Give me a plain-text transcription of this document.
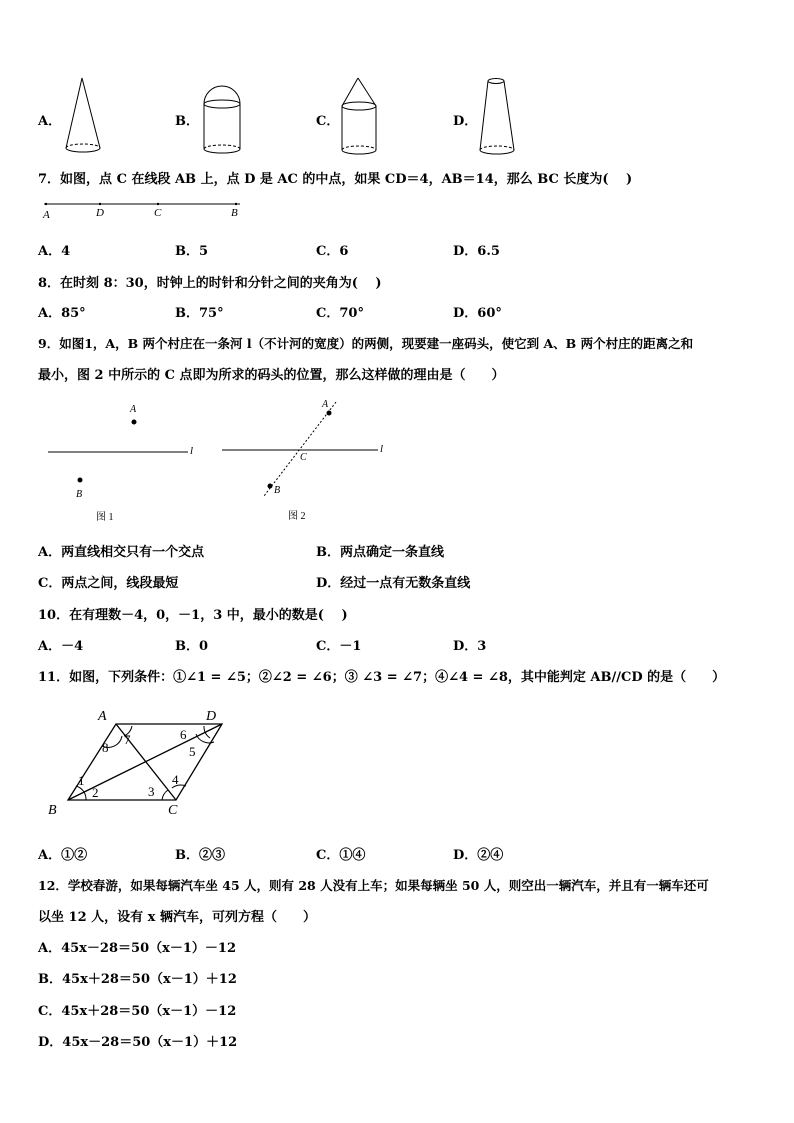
A．	B．	C．	D．
7．如图，点 C 在线段 AB 上，点 D 是 AC 的中点，如果 CD＝4，AB＝14，那么 BC 长度为(　 )
A	D	C	B
A．4	B．5	C．6	D．6.5
8．在时刻 8：30，时钟上的时针和分针之间的夹角为(　 )
A．85°	B．75°	C．70°	D．60°
9．如图1，A，B 两个村庄在一条河 l（不计河的宽度）的两侧，现要建一座码头，使它到 A、B 两个村庄的距离之和
最小，图 2 中所示的 C 点即为所求的码头的位置，那么这样做的理由是（　　）
A
B
l
图 1
A
B
C
l
图 2
A．两直线相交只有一个交点	B．两点确定一条直线
C．两点之间，线段最短	D．经过一点有无数条直线
10．在有理数－4，0，－1，3 中，最小的数是(　 )
A．－4	B．0	C．－1	D．3
11．如图，下列条件：①∠1 = ∠5；②∠2 = ∠6；③ ∠3 = ∠7；④∠4 = ∠8，其中能判定 AB//CD 的是（　　）
A	D
B	C
1
2	3
4
5
6
7
8
A．①②	B．②③	C．①④	D．②④
12．学校春游，如果每辆汽车坐 45 人，则有 28 人没有上车；如果每辆坐 50 人，则空出一辆汽车，并且有一辆车还可
以坐 12 人，设有 x 辆汽车，可列方程（　　）
A．45x－28＝50（x－1）－12
B．45x＋28＝50（x－1）＋12
C．45x＋28＝50（x－1）－12
D．45x－28＝50（x－1）＋12
